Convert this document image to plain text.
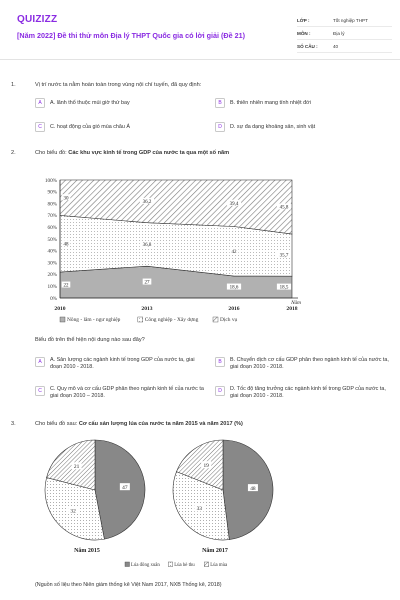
QUIZIZZ
[Năm 2022] Đề thi thử môn Địa lý THPT Quốc gia có lời giải (Đề 21)
LỚP :	Tốt nghiệp THPT
MÔN :	Địa lý
SỐ CÂU :	40
1.	Vị trí nước ta nằm hoàn toàn trong vùng nội chí tuyến, đã quy định:
A	A. lãnh thổ thuộc múi giờ thứ bay	B	B. thiên nhiên mang tính nhiệt đới
C	C. hoạt động của gió mùa châu Á	D	D. sự đa dạng khoảng sản, sinh vật
2.	Cho biểu đồ: Các khu vực kinh tế trong GDP của nước ta qua một số năm
22
27
18,6	18,5
48	36,8
42
35,7
30
36,2	39,4
45,8
0%
10%
20%
30%
40%
50%
60%
70%
80%
90%
100%
2010	2013	2016	2018
Năm
Nông - lâm - ngư nghiệp	Công nghiệp - Xây dựng	Dịch vụ
Biểu đồ trên thể hiện nội dung nào sau đây?
A	A. Sản lượng các ngành kinh tế trong GDP của nước ta, giai đoạn 2010 - 2018.
B	B. Chuyển dịch cơ cấu GDP phân theo ngành kinh tế của nước ta, giai đoạn 2010 - 2018.
C	C. Quy mô và cơ cấu GDP phân theo ngành kinh tế của nước ta giai đoạn 2010 – 2018.
D	D. Tốc độ tăng trưởng các ngành kinh tế trong GDP của nước ta, giai đoạn 2010 - 2018.
3.	Cho biểu đồ sau: Cơ cấu sản lượng lúa của nước ta năm 2015 và năm 2017 (%)
47
32
21
Năm 2015
48
33
19
Năm 2017
Lúa đông xuân	Lúa hè thu	Lúa mùa
(Nguồn số liệu theo Niên giám thống kê Việt Nam 2017, NXB Thống kê, 2018)
